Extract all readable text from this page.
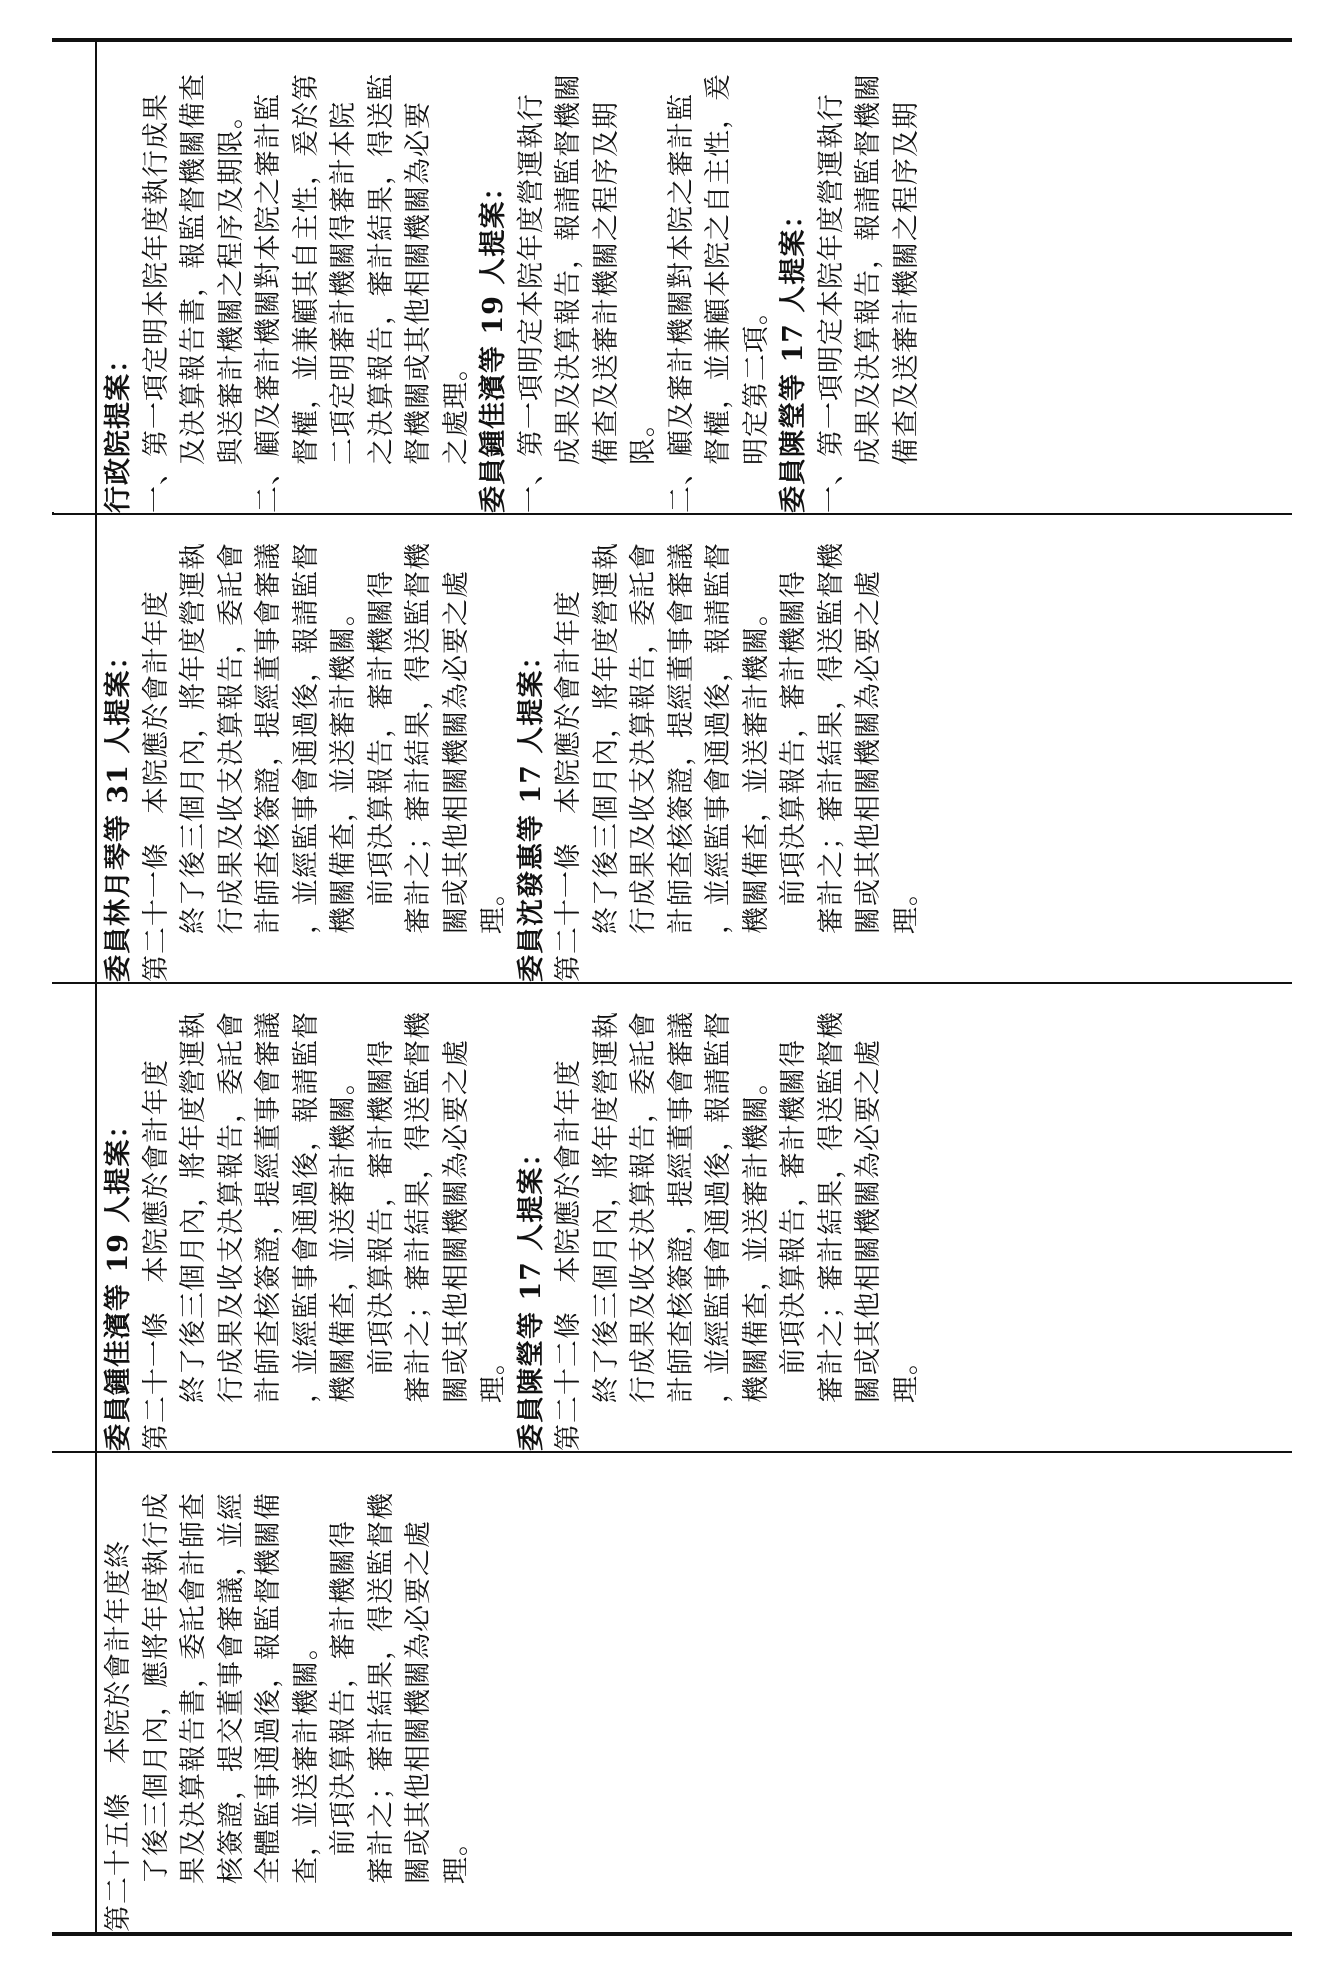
行政院提案： 一、第一項定明本院年度執行成果 及決算報告書，報監督機關備查 與送審計機關之程序及期限。 二、顧及審計機關對本院之審計監 督權，並兼顧其自主性，爰於第 二項定明審計機關得審計本院 之決算報告，審計結果，得送監 督機關或其他相關機關為必要 之處理。 委員鍾佳濱等 19 人提案： 一、第一項明定本院年度營運執行 成果及決算報告，報請監督機關 備查及送審計機關之程序及期 限。 二、顧及審計機關對本院之審計監 督權，並兼顧本院之自主性，爰 明定第二項。 委員陳瑩等 17 人提案： 一、第一項明定本院年度營運執行 成果及決算報告，報請監督機關 備查及送審計機關之程序及期
委員林月琴等 31 人提案： 第二十一條　本院應於會計年度 終了後三個月內，將年度營運執 行成果及收支決算報告，委託會 計師查核簽證，提經董事會審議 ，並經監事會通過後，報請監督 機關備查，並送審計機關。 前項決算報告，審計機關得 審計之；審計結果，得送監督機 關或其他相關機關為必要之處 理。 委員沈發惠等 17 人提案： 第二十一條　本院應於會計年度 終了後三個月內，將年度營運執 行成果及收支決算報告，委託會 計師查核簽證，提經董事會審議 ，並經監事會通過後，報請監督 機關備查，並送審計機關。 前項決算報告，審計機關得 審計之；審計結果，得送監督機 關或其他相關機關為必要之處 理。
委員鍾佳濱等 19 人提案： 第二十一條　本院應於會計年度 終了後三個月內，將年度營運執 行成果及收支決算報告，委託會 計師查核簽證，提經董事會審議 ，並經監事會通過後，報請監督 機關備查，並送審計機關。 前項決算報告，審計機關得 審計之；審計結果，得送監督機 關或其他相關機關為必要之處 理。 委員陳瑩等 17 人提案： 第二十二條　本院應於會計年度 終了後三個月內，將年度營運執 行成果及收支決算報告，委託會 計師查核簽證，提經董事會審議 ，並經監事會通過後，報請監督 機關備查，並送審計機關。 前項決算報告，審計機關得 審計之；審計結果，得送監督機 關或其他相關機關為必要之處 理。
第二十五條　本院於會計年度終 了後三個月內，應將年度執行成 果及決算報告書，委託會計師查 核簽證，提交董事會審議，並經 全體監事通過後，報監督機關備 查，並送審計機關。 前項決算報告，審計機關得 審計之；審計結果，得送監督機 關或其他相關機關為必要之處 理。
